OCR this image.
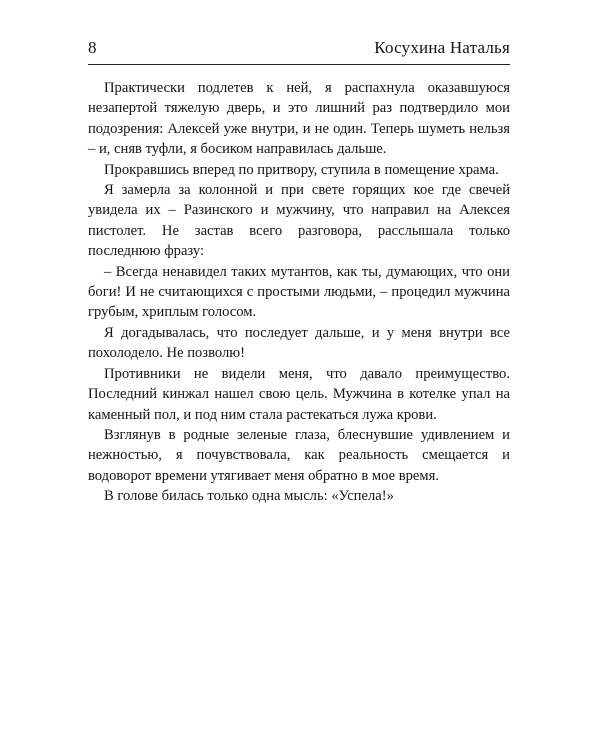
8	Косухина Наталья

Практически подлетев к ней, я распахнула оказавшуюся незапертой тяжелую дверь, и это лишний раз подтвердило мои подозрения: Алексей уже внутри, и не один. Теперь шуметь нельзя – и, сняв туфли, я босиком направилась дальше.

Прокравшись вперед по притвору, ступила в помещение храма.

Я замерла за колонной и при свете горящих кое где свечей увидела их – Разинского и мужчину, что направил на Алексея пистолет. Не застав всего разговора, расслышала только последнюю фразу:

– Всегда ненавидел таких мутантов, как ты, думающих, что они боги! И не считающихся с простыми людьми, – процедил мужчина грубым, хриплым голосом.

Я догадывалась, что последует дальше, и у меня внутри все похолодело. Не позволю!

Противники не видели меня, что давало преимущество. Последний кинжал нашел свою цель. Мужчина в котелке упал на каменный пол, и под ним стала растекаться лужа крови.

Взглянув в родные зеленые глаза, блеснувшие удивлением и нежностью, я почувствовала, как реальность смещается и водоворот времени утягивает меня обратно в мое время.

В голове билась только одна мысль: «Успела!»
